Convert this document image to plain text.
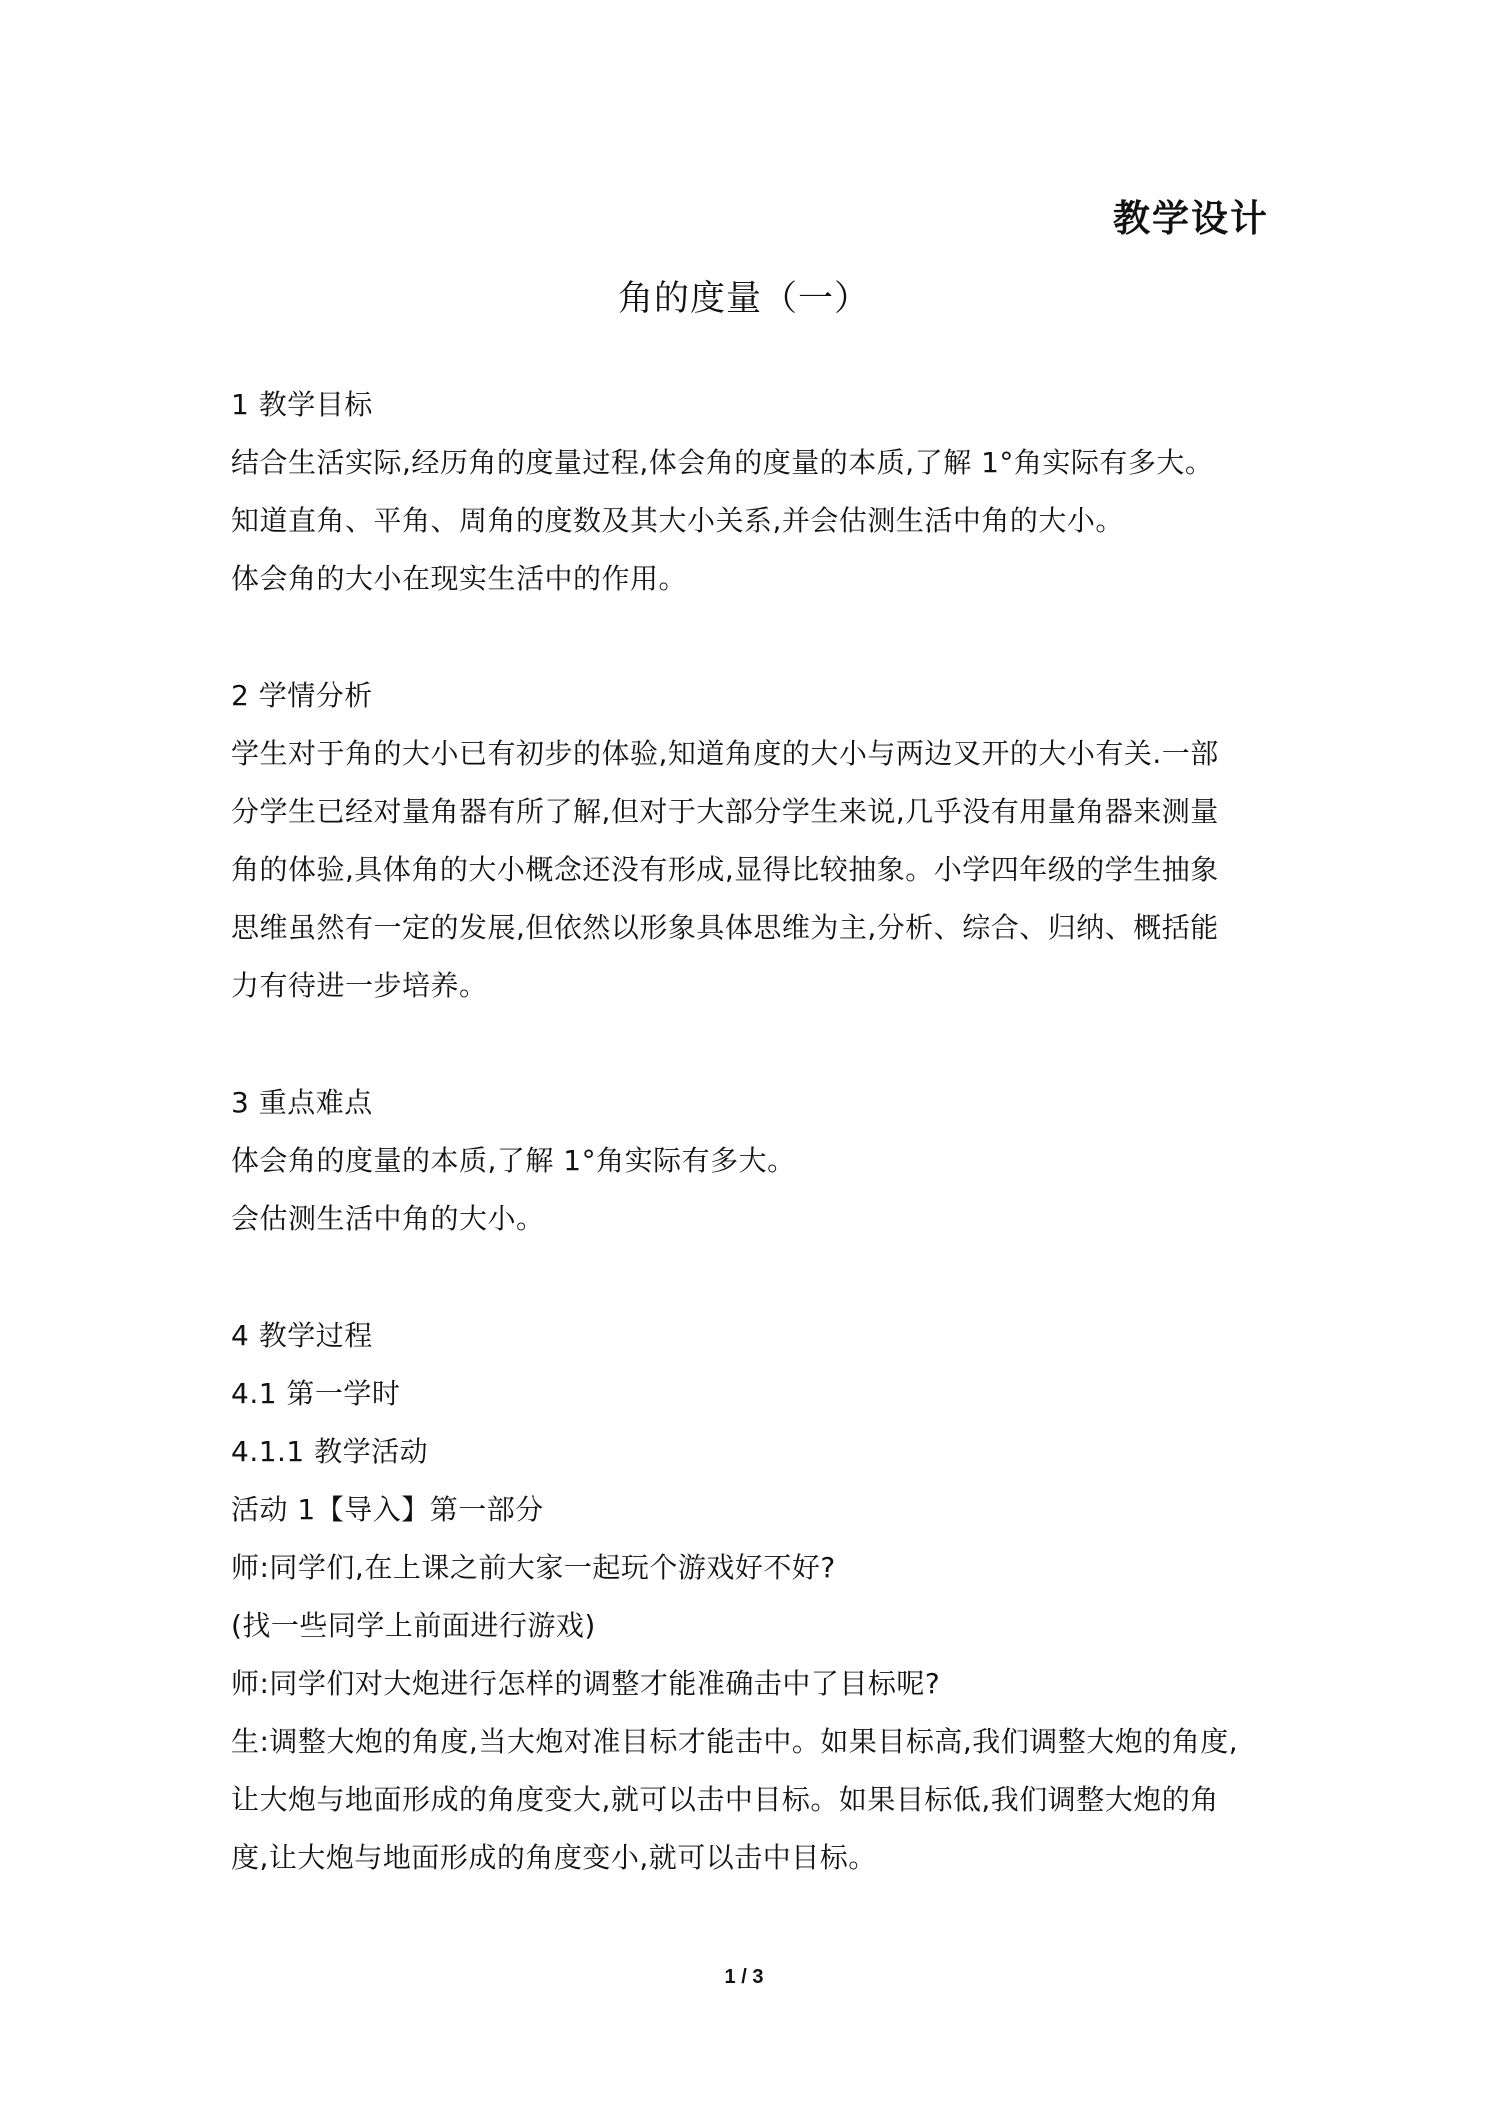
教学设计
角的度量（一）
1 教学目标
结合生活实际,经历角的度量过程,体会角的度量的本质,了解 1°角实际有多大。
知道直角、平角、周角的度数及其大小关系,并会估测生活中角的大小。
体会角的大小在现实生活中的作用。
2 学情分析
学生对于角的大小已有初步的体验,知道角度的大小与两边叉开的大小有关.一部
分学生已经对量角器有所了解,但对于大部分学生来说,几乎没有用量角器来测量
角的体验,具体角的大小概念还没有形成,显得比较抽象。小学四年级的学生抽象
思维虽然有一定的发展,但依然以形象具体思维为主,分析、综合、归纳、概括能
力有待进一步培养。
3 重点难点
体会角的度量的本质,了解 1°角实际有多大。
会估测生活中角的大小。
4 教学过程
4.1 第一学时
4.1.1 教学活动
活动 1【导入】第一部分
师:同学们,在上课之前大家一起玩个游戏好不好?
(找一些同学上前面进行游戏)
师:同学们对大炮进行怎样的调整才能准确击中了目标呢?
生:调整大炮的角度,当大炮对准目标才能击中。如果目标高,我们调整大炮的角度,
让大炮与地面形成的角度变大,就可以击中目标。如果目标低,我们调整大炮的角
度,让大炮与地面形成的角度变小,就可以击中目标。
1 / 3
